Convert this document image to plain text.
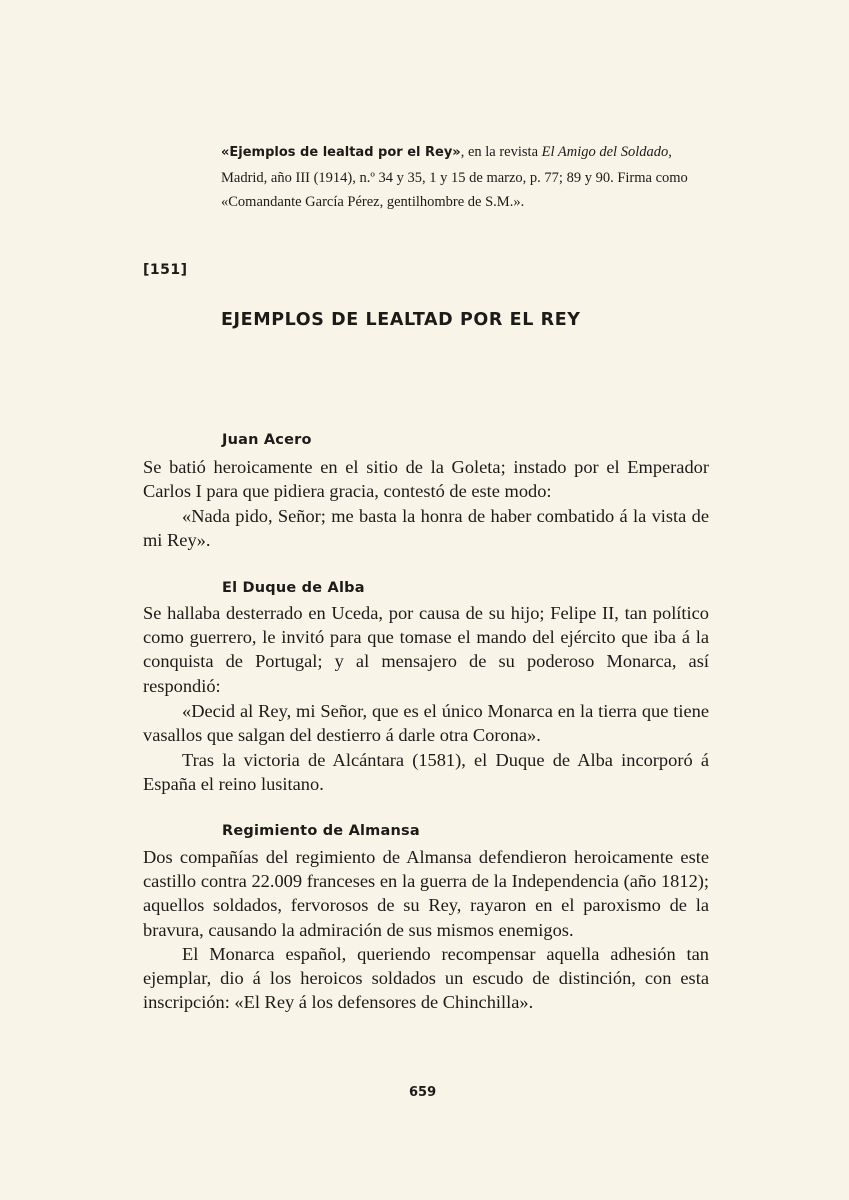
«Ejemplos de lealtad por el Rey», en la revista El Amigo del Soldado, Madrid, año III (1914), n.º 34 y 35, 1 y 15 de marzo, p. 77; 89 y 90. Firma como «Comandante García Pérez, gentilhombre de S.M.».
[151]
EJEMPLOS DE LEALTAD POR EL REY
Juan Acero

Se batió heroicamente en el sitio de la Goleta; instado por el Emperador Carlos I para que pidiera gracia, contestó de este modo:

«Nada pido, Señor; me basta la honra de haber combatido á la vista de mi Rey».

El Duque de Alba

Se hallaba desterrado en Uceda, por causa de su hijo; Felipe II, tan político como guerrero, le invitó para que tomase el mando del ejército que iba á la conquista de Portugal; y al mensajero de su poderoso Monarca, así respondió:

«Decid al Rey, mi Señor, que es el único Monarca en la tierra que tiene vasallos que salgan del destierro á darle otra Corona».

Tras la victoria de Alcántara (1581), el Duque de Alba incorporó á España el reino lusitano.

Regimiento de Almansa

Dos compañías del regimiento de Almansa defendieron heroicamente este castillo contra 22.009 franceses en la guerra de la Independencia (año 1812); aquellos soldados, fervorosos de su Rey, rayaron en el paroxismo de la bravura, causando la admiración de sus mismos enemigos.

El Monarca español, queriendo recompensar aquella adhesión tan ejemplar, dio á los heroicos soldados un escudo de distinción, con esta inscripción: «El Rey á los defensores de Chinchilla».

659
